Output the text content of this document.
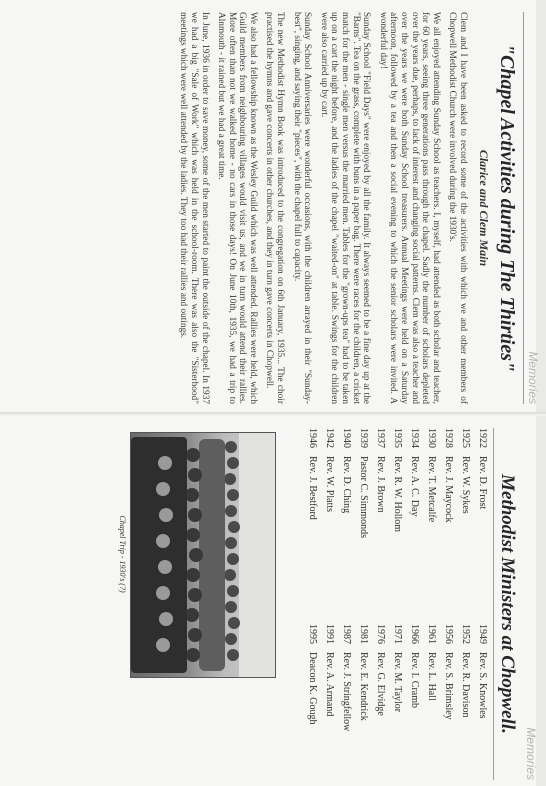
Memories
"Chapel Activities during The Thirties"
Clarice and Clem Main

Clem and I have been asked to record some of the activities with which we and other members of Chopwell Methodist Church were involved during the 1930's.

We all enjoyed attending Sunday School as teachers. I, myself, had attended as both scholar and teacher, for 60 years, seeing three generations pass through the chapel. Sadly the number of scholars depleted over the years due, perhaps, to lack of interest and changing social patterns. Clem was also a teacher and over the years we were both Sunday School treasurers. Annual Meetings were held on a Saturday afternoon, followed by a tea and then a social evening to which the senior scholars were invited. A wonderful day!

Sunday School "Field Days" were enjoyed by all the family. It always seemed to be a fine day up at the "Barns". Tea on the grass, complete with buns in a paper bag. There were races for the children, a cricket match for the men - single men versus the married men. Tables for the "grown-ups tea" had to be taken up on a cart the night before, and the ladies of the chapel "waited-on" at table. Swings for the children were also carried up by cart.

Sunday School Anniversaries were wonderful occasions, with the children arrayed in their "Sunday-best", singing, and saying their "pieces", with the chapel full to capacity.

The new Methodist Hymn Book was introduced to the congregation on 6th January, 1935... The choir practised the hymns and gave concerts in other churches, and they in turn gave concerts in Chopwell.

We also had a fellowship known as the Wesley Guild which was well attended. Rallies were held, which Guild members from neighbouring villages would visit us, and we in turn would attend their rallies. More often than not we walked home - no cars in those days! On June 10th, 1935, we had a trip to Alnmouth - it rained but we had a great time.

In June, 1936 in order to save money, some of the men started to paint the outside of the chapel. In 1937 we had a big "Sale of Work" which was held in the school-room. There was also the "Sisterhood" meetings which were well attended by the ladies. They too had their rallies and outings.

Memories
Methodist Ministers at Chopwell.
1922Rev. D. Frost
1925Rev. W. Sykes
1928Rev. J. Maycock
1930Rev. T. Metcalfe
1934Rev. A. C. Day
1935Rev. R. W. Hollom
1937Rev. J. Brown
1939Pastor C. Simmonds
1940Rev. D. Ching
1942Rev. W. Platts
1946Rev. J. Bestford
1949Rev. S. Knowles
1952Rev. R. Davison
1956Rev. S. Brimsley
1961Rev. L. Hall
1966Rev. I. Cramb
1971Rev. M. Taylor
1976Rev. G. Elvidge
1981Rev. E. Kendrick
1987Rev. J. Stringfellow
1991Rev. A. Armand
1995Deacon K. Gough
Chapel Trip - 1930's (?)
